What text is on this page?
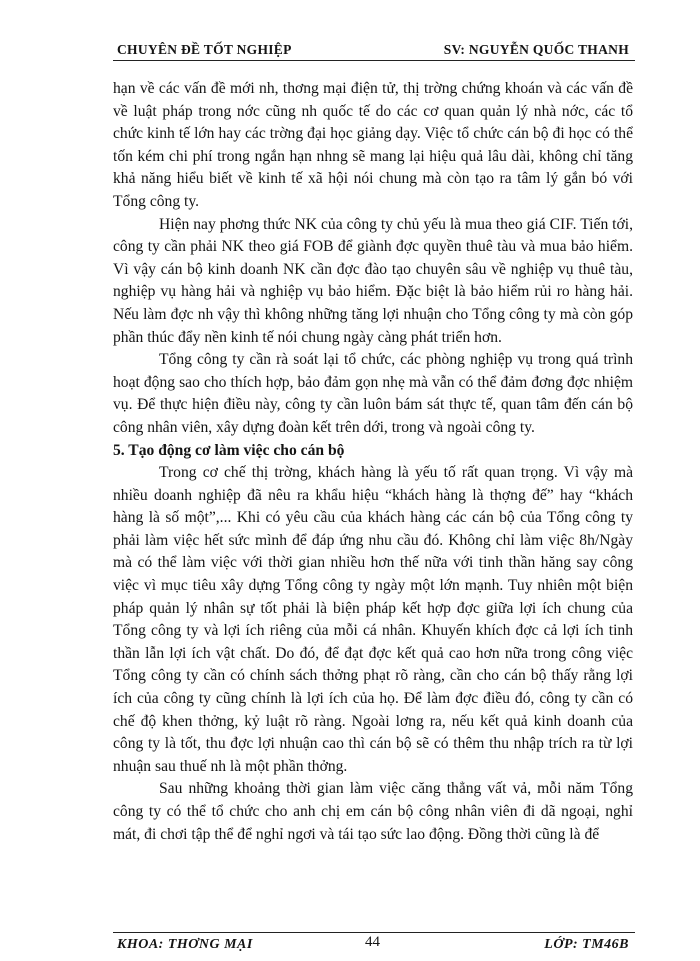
CHUYÊN ĐỀ TỐT NGHIỆP	SV: NGUYỄN QUỐC THANH

hạn về các vấn đề mới nh, thơng mại điện tử, thị trờng chứng khoán và các vấn đề về luật pháp trong nớc cũng nh quốc tế do các cơ quan quản lý nhà nớc, các tổ chức kinh tế lớn hay các trờng đại học giảng dạy. Việc tổ chức cán bộ đi học có thể tốn kém chi phí trong ngắn hạn nhng sẽ mang lại hiệu quả lâu dài, không chỉ tăng khả năng hiểu biết về kinh tế xã hội nói chung mà còn tạo ra tâm lý gắn bó với Tổng công ty.

Hiện nay phơng thức NK của công ty chủ yếu là mua theo giá CIF. Tiến tới, công ty cần phải NK theo giá FOB để giành đợc quyền thuê tàu và mua bảo hiểm. Vì vậy cán bộ kinh doanh NK cần đợc đào tạo chuyên sâu về nghiệp vụ thuê tàu, nghiệp vụ hàng hải và nghiệp vụ bảo hiểm. Đặc biệt là bảo hiểm rủi ro hàng hải. Nếu làm đợc nh vậy thì không những tăng lợi nhuận cho Tổng công ty mà còn góp phần thúc đẩy nền kinh tế nói chung ngày càng phát triển hơn.

Tổng công ty cần rà soát lại tổ chức, các phòng nghiệp vụ trong quá trình hoạt động sao cho thích hợp, bảo đảm gọn nhẹ mà vẫn có thể đảm đơng đợc nhiệm vụ. Để thực hiện điều này, công ty cần luôn bám sát thực tế, quan tâm đến cán bộ công nhân viên, xây dựng đoàn kết trên dới, trong và ngoài công ty.

5. Tạo động cơ làm việc cho cán bộ

Trong cơ chế thị trờng, khách hàng là yếu tố rất quan trọng. Vì vậy mà nhiều doanh nghiệp đã nêu ra khẩu hiệu “khách hàng là thợng đế” hay “khách hàng là số một”,... Khi có yêu cầu của khách hàng các cán bộ của Tổng công ty phải làm việc hết sức mình để đáp ứng nhu cầu đó. Không chỉ làm việc 8h/Ngày mà có thể làm việc với thời gian nhiều hơn thế nữa với tinh thần hăng say công việc vì mục tiêu xây dựng Tổng công ty ngày một lớn mạnh. Tuy nhiên một biện pháp quản lý nhân sự tốt phải là biện pháp kết hợp đợc giữa lợi ích chung của Tổng công ty và lợi ích riêng của mỗi cá nhân. Khuyến khích đợc cả lợi ích tinh thần lẫn lợi ích vật chất. Do đó, để đạt đợc kết quả cao hơn nữa trong công việc Tổng công ty cần có chính sách thởng phạt rõ ràng, cần cho cán bộ thấy rằng lợi ích của công ty cũng chính là lợi ích của họ. Để làm đợc điều đó, công ty cần có chế độ khen thởng, kỷ luật rõ ràng. Ngoài lơng ra, nếu kết quả kinh doanh của công ty là tốt, thu đợc lợi nhuận cao thì cán bộ sẽ có thêm thu nhập trích ra từ lợi nhuận sau thuế nh là một phần thởng.

Sau những khoảng thời gian làm việc căng thẳng vất vả, mỗi năm Tổng công ty có thể tổ chức cho anh chị em cán bộ công nhân viên đi dã ngoại, nghỉ mát, đi chơi tập thể để nghỉ ngơi và tái tạo sức lao động. Đồng thời cũng là để

KHOA: THƠNG MẠI	44	LỚP: TM46B
